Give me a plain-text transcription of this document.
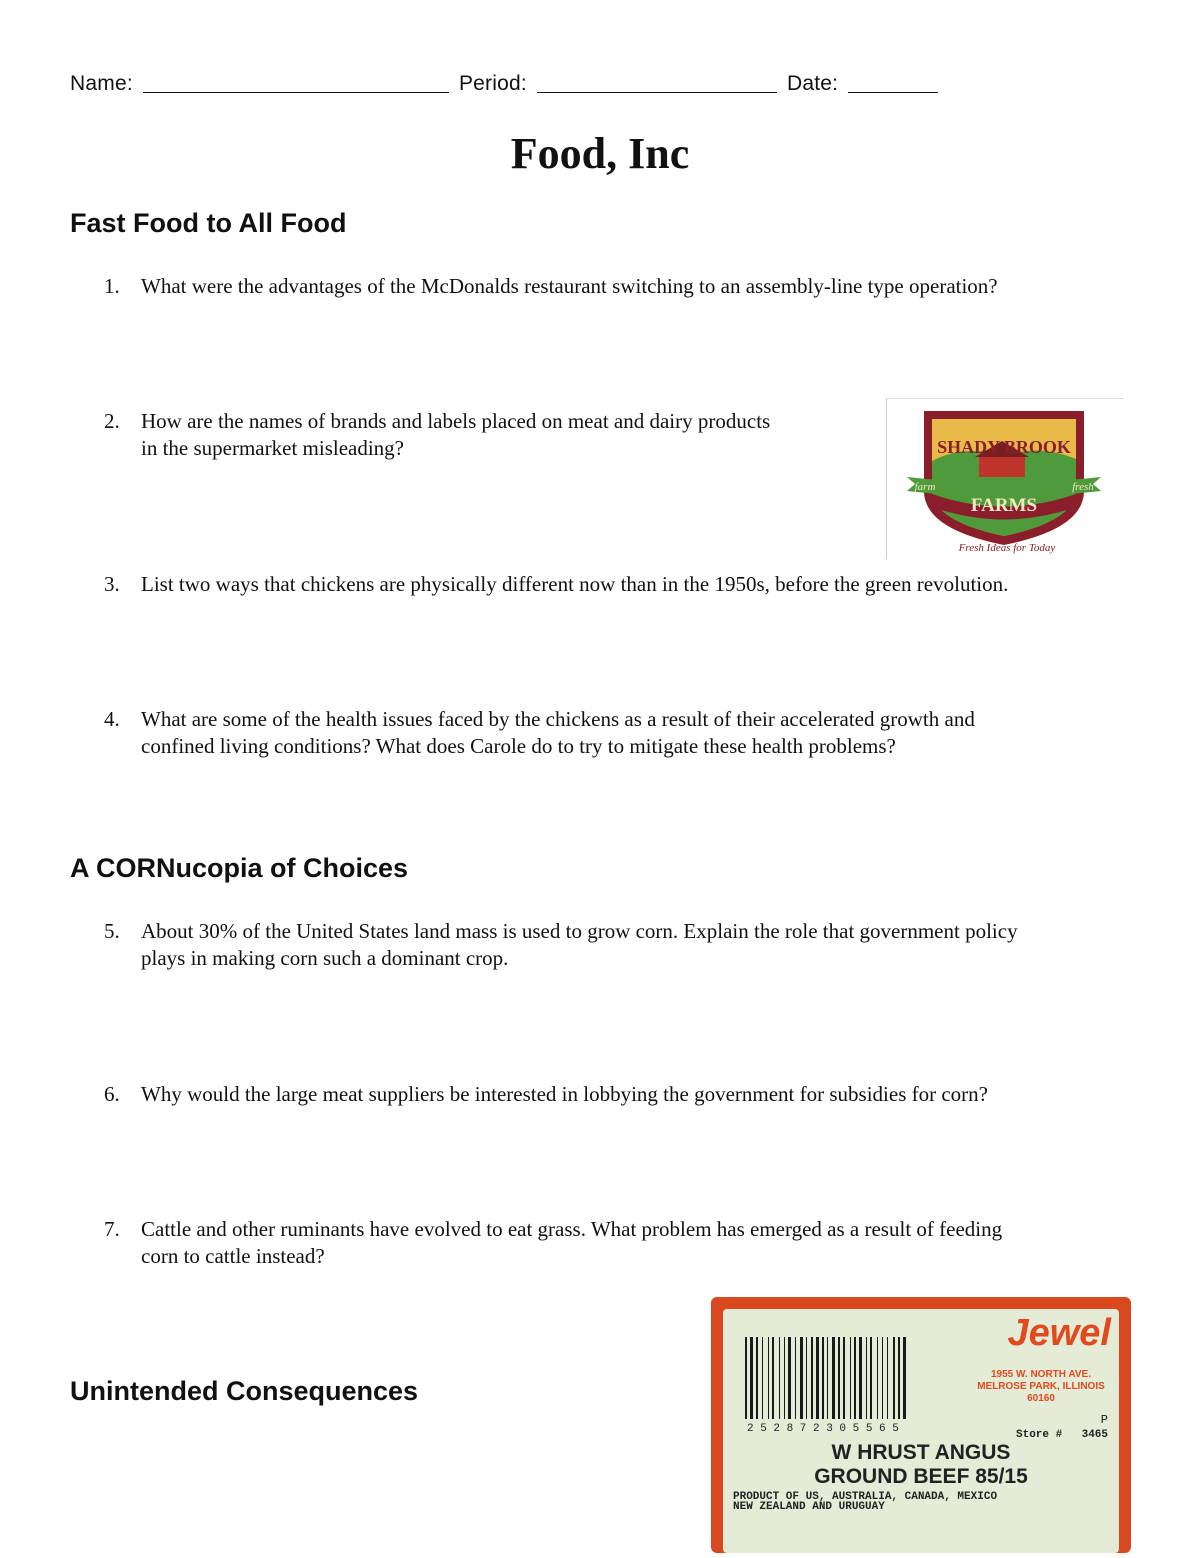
Name:	Period:	Date:
Food, Inc
Fast Food to All Food
1. What were the advantages of the McDonalds restaurant switching to an assembly-line type operation?
2. How are the names of brands and labels placed on meat and dairy products
in the supermarket misleading?	SHADY BROOK
farm	fresh
FARMS
Fresh Ideas for Today
3. List two ways that chickens are physically different now than in the 1950s, before the green revolution.
4. What are some of the health issues faced by the chickens as a result of their accelerated growth and
confined living conditions? What does Carole do to try to mitigate these health problems?
A CORNucopia of Choices
5. About 30% of the United States land mass is used to grow corn. Explain the role that government policy
plays in making corn such a dominant crop.
6. Why would the large meat suppliers be interested in lobbying the government for subsidies for corn?
7. Cattle and other ruminants have evolved to eat grass. What problem has emerged as a result of feeding
corn to cattle instead?
Unintended Consequences
Jewel
1955 W. NORTH AVE.
MELROSE PARK, ILLINOIS
60160
2 5 2 8 7 2 3 0 5 5 6 5
P
Store # 3465
W HRUST ANGUS
GROUND BEEF 85/15
PRODUCT OF US, AUSTRALIA, CANADA, MEXICO
NEW ZEALAND AND URUGUAY
